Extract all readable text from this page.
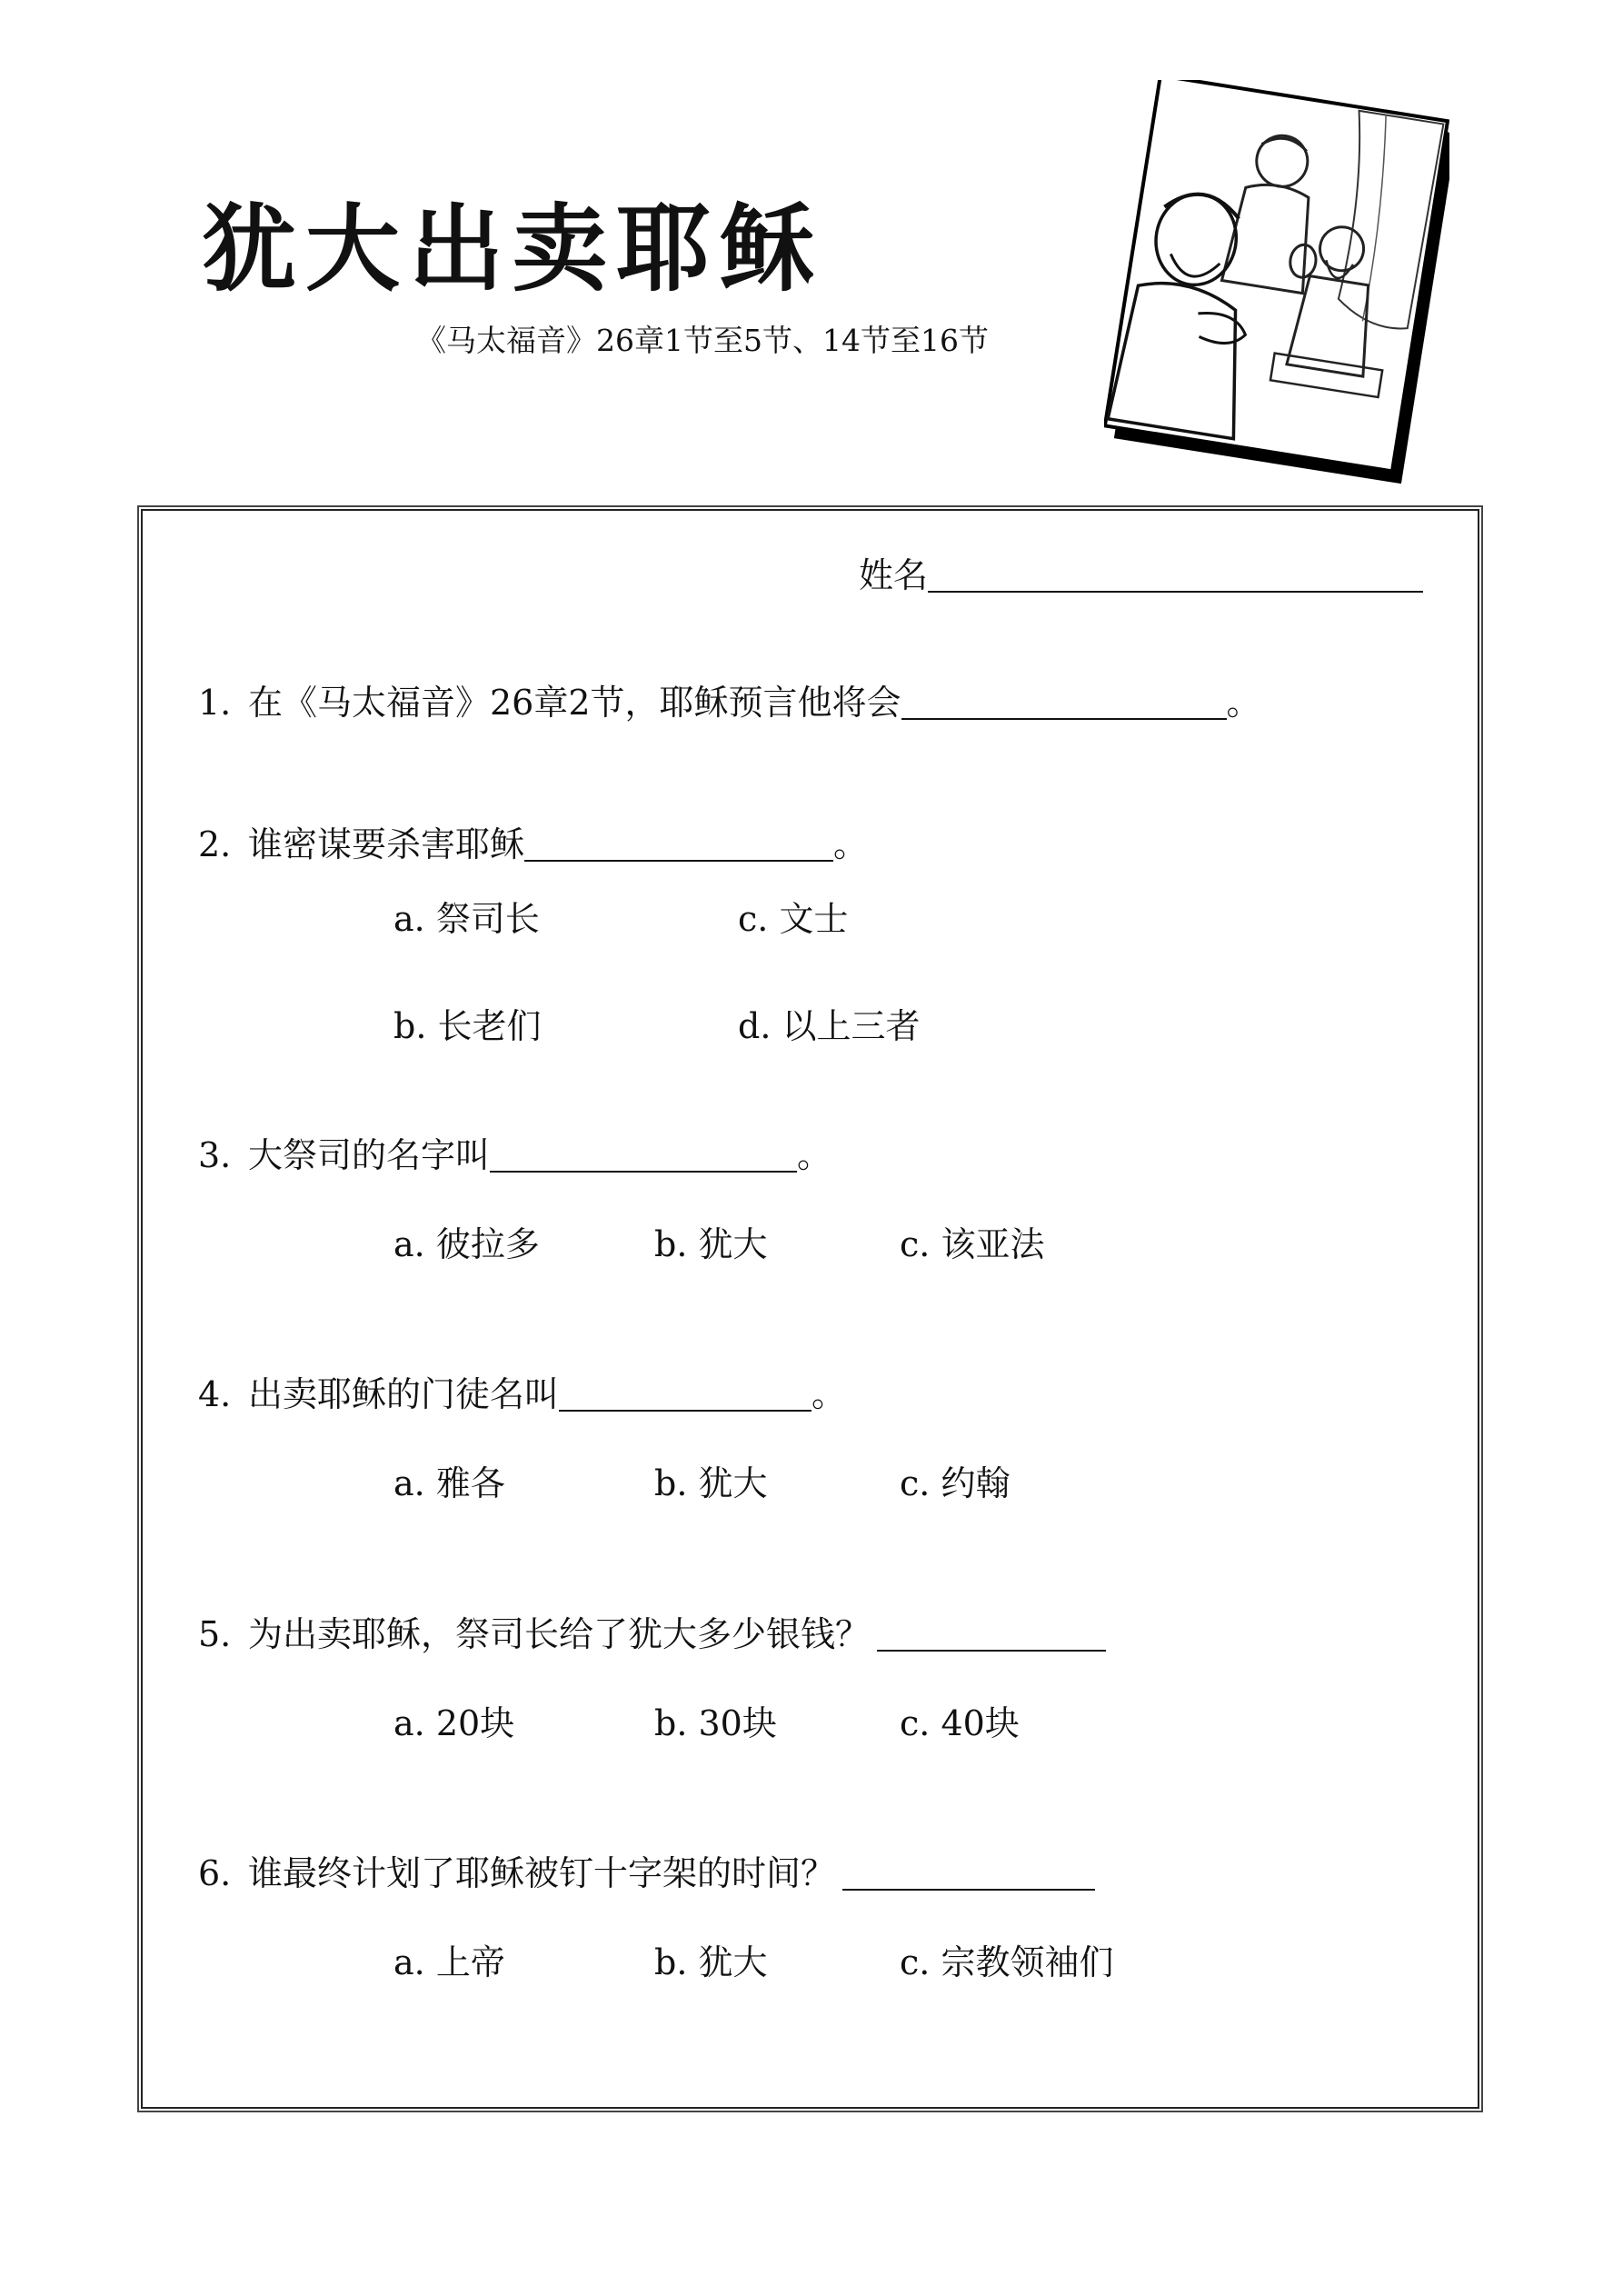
犹大出卖耶稣
《马太福音》26章1节至5节、14节至16节
姓名
1. 在《马太福音》26章2节，耶稣预言他将会	。
2. 谁密谋要杀害耶稣	。
a. 祭司长	c. 文士
b. 长老们	d. 以上三者
3. 大祭司的名字叫	。
a. 彼拉多	b. 犹大	c. 该亚法
4. 出卖耶稣的门徒名叫	。
a. 雅各	b. 犹大	c. 约翰
5. 为出卖耶稣，祭司长给了犹大多少银钱？
a. 20块	b. 30块	c. 40块
6. 谁最终计划了耶稣被钉十字架的时间？
a. 上帝	b. 犹大	c. 宗教领袖们
